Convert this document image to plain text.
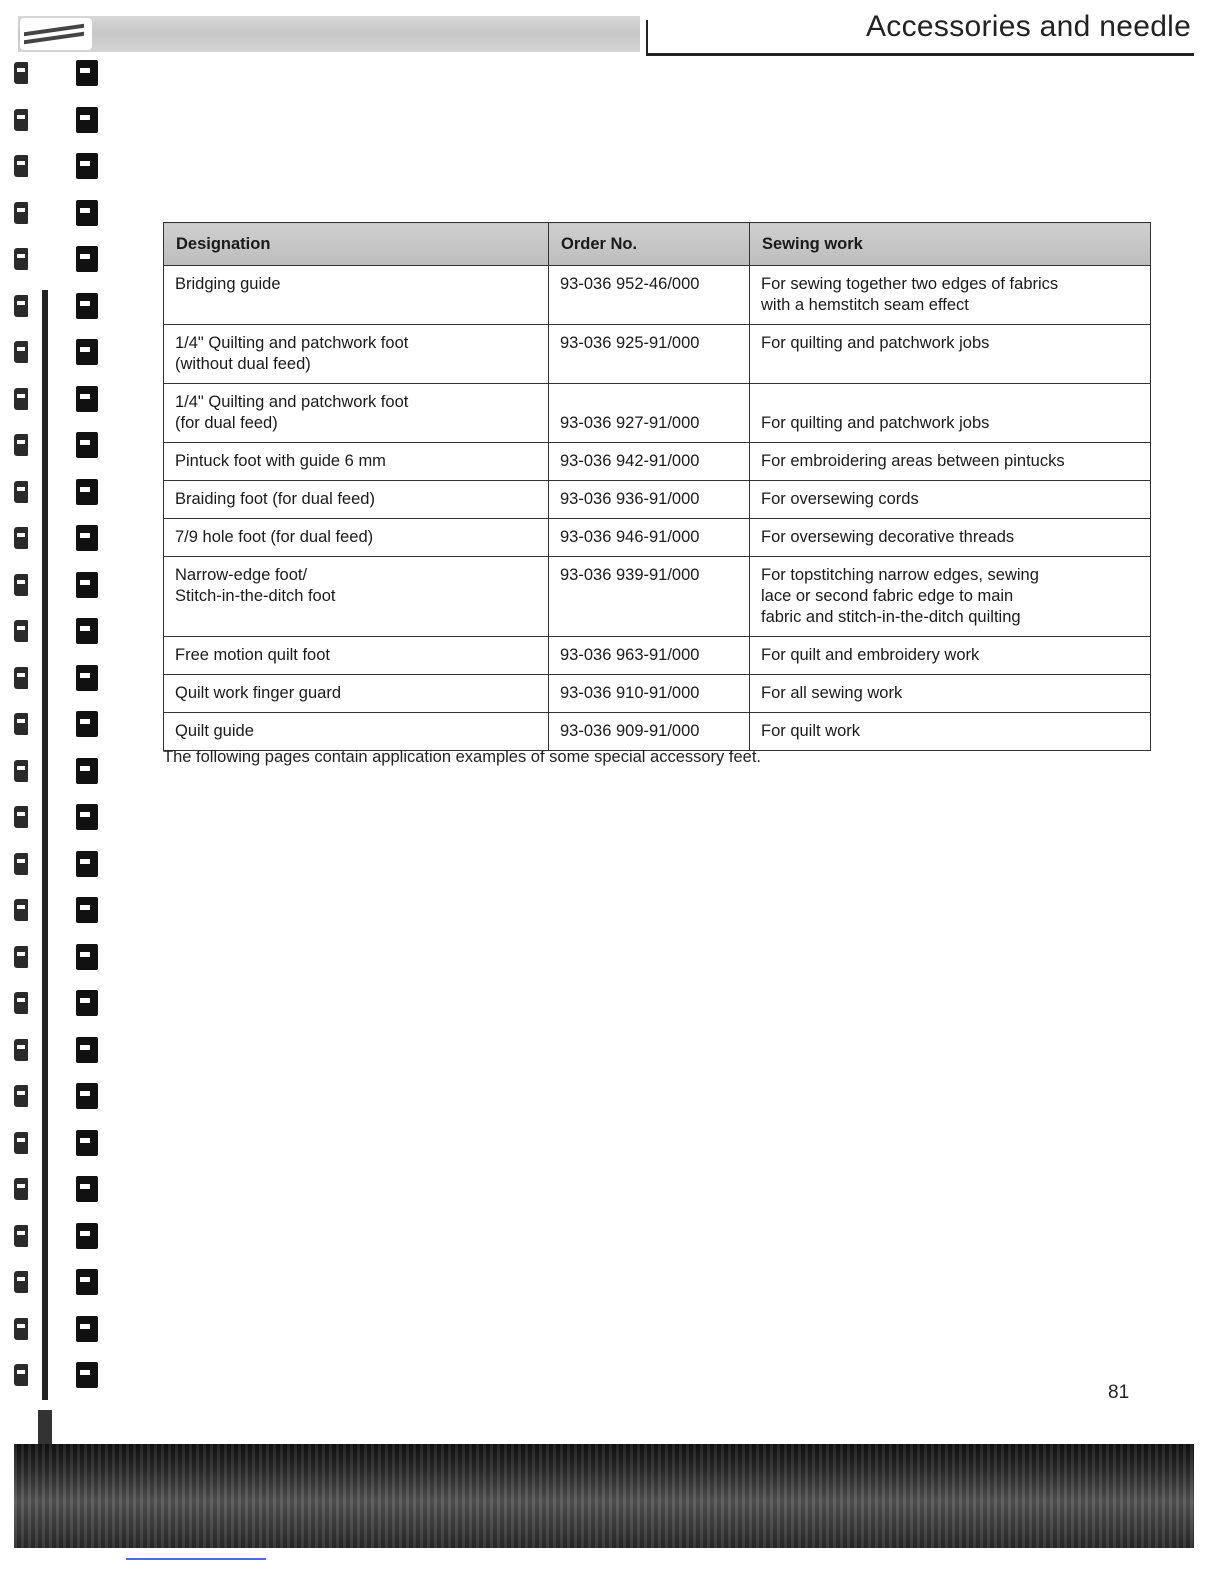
Accessories and needle
Designation	Order No.	Sewing work

Bridging guide	93-036 952-46/000	For sewing together two edges of fabrics
with a hemstitch seam effect

1/4" Quilting and patchwork foot
(without dual feed)	93-036 925-91/000	For quilting and patchwork jobs

1/4" Quilting and patchwork foot
(for dual feed)	93-036 927-91/000	For quilting and patchwork jobs

Pintuck foot with guide 6 mm	93-036 942-91/000	For embroidering areas between pintucks

Braiding foot (for dual feed)	93-036 936-91/000	For oversewing cords

7/9 hole foot (for dual feed)	93-036 946-91/000	For oversewing decorative threads

Narrow-edge foot/
Stitch-in-the-ditch foot	93-036 939-91/000	For topstitching narrow edges, sewing
lace or second fabric edge to main
fabric and stitch-in-the-ditch quilting

Free motion quilt foot	93-036 963-91/000	For quilt and embroidery work

Quilt work finger guard	93-036 910-91/000	For all sewing work

Quilt guide	93-036 909-91/000	For quilt work
The following pages contain application examples of some special accessory feet.
81
